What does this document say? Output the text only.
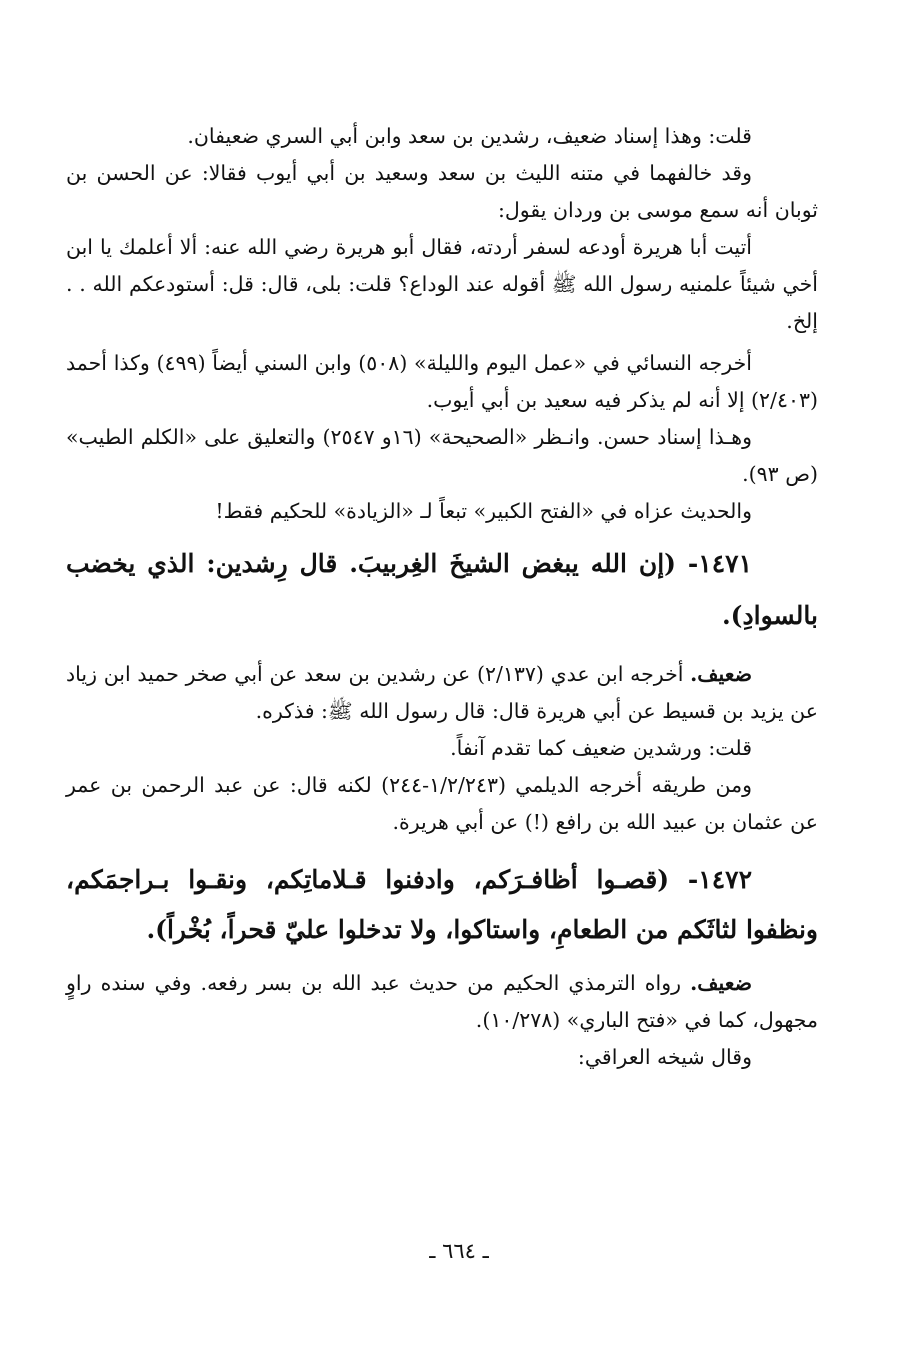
قلت: وهذا إسناد ضعيف، رشدين بن سعد وابن أبي السري ضعيفان.

وقد خالفهما في متنه الليث بن سعد وسعيد بن أبي أيوب فقالا: عن الحسن بن ثوبان أنه سمع موسى بن وردان يقول:

أتيت أبا هريرة أودعه لسفر أردته، فقال أبو هريرة رضي الله عنه: ألا أعلمك يا ابن أخي شيئاً علمنيه رسول الله ﷺ أقوله عند الوداع؟ قلت: بلى، قال: قل: أستودعكم الله . . إلخ.

أخرجه النسائي في «عمل اليوم والليلة» (٥٠٨) وابن السني أيضاً (٤٩٩) وكذا أحمد (٢/٤٠٣) إلا أنه لم يذكر فيه سعيد بن أبي أيوب.

وهـذا إسناد حسن. وانـظر «الصحيحة» (١٦و ٢٥٤٧) والتعليق على «الكلم الطيب» (ص ٩٣).

والحديث عزاه في «الفتح الكبير» تبعاً لـ «الزيادة» للحكيم فقط!

١٤٧١- (إن الله يبغض الشيخَ الغِربيبَ. قال رِشدين: الذي يخضب بالسوادِ).

ضعيف. أخرجه ابن عدي (٢/١٣٧) عن رشدين بن سعد عن أبي صخر حميد ابن زياد عن يزيد بن قسيط عن أبي هريرة قال: قال رسول الله ﷺ: فذكره.

قلت: ورشدين ضعيف كما تقدم آنفاً.

ومن طريقه أخرجه الديلمي (١/٢/٢٤٣-٢٤٤) لكنه قال: عن عبد الرحمن بن عمر عن عثمان بن عبيد الله بن رافع (!) عن أبي هريرة.

١٤٧٢- (قصـوا أظافـرَكم، وادفنوا قـلاماتِكم، ونقـوا بـراجمَكم، ونظفوا لثاثَكم من الطعامِ، واستاكوا، ولا تدخلوا عليّ قحراً، بُخْراً).

ضعيف. رواه الترمذي الحكيم من حديث عبد الله بن بسر رفعه. وفي سنده راوٍ مجهول، كما في «فتح الباري» (١٠/٢٧٨).

وقال شيخه العراقي:

ـ ٦٦٤ ـ
